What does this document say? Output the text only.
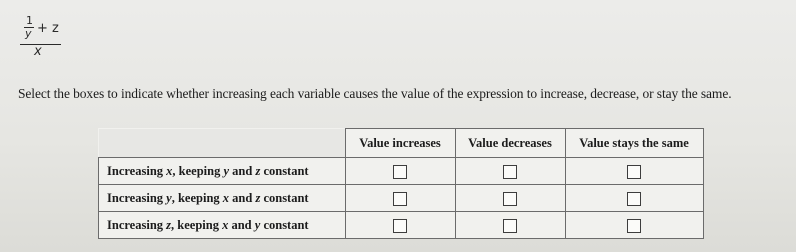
1
y + z
x
Select the boxes to indicate whether increasing each variable causes the value of the expression to increase, decrease, or stay the same.
	Value increases	Value decreases	Value stays the same
Increasing x, keeping y and z constant			
Increasing y, keeping x and z constant			
Increasing z, keeping x and y constant			
